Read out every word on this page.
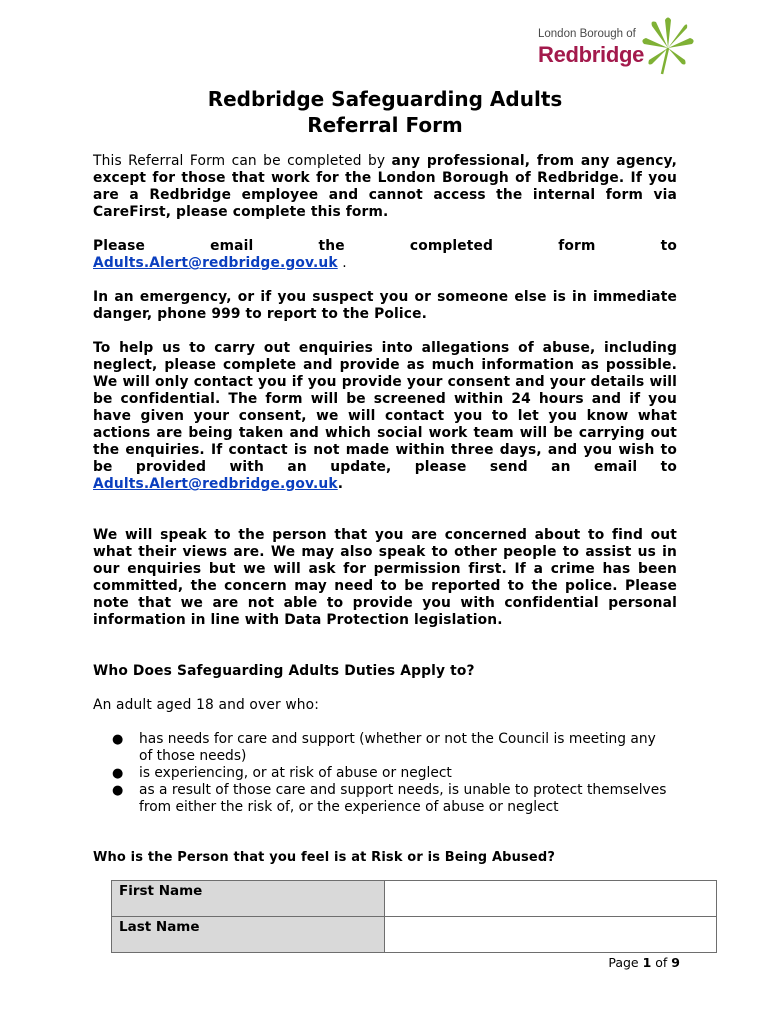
London Borough of
Redbridge
Redbridge Safeguarding Adults
Referral Form
This Referral Form can be completed by any professional, from any agency, except for those that work for the London Borough of Redbridge. If you are a Redbridge employee and cannot access the internal form via CareFirst, please complete this form.

Please email the completed form to

Adults.Alert@redbridge.gov.uk .

In an emergency, or if you suspect you or someone else is in immediate danger, phone 999 to report to the Police.

To help us to carry out enquiries into allegations of abuse, including neglect, please complete and provide as much information as possible. We will only contact you if you provide your consent and your details will be confidential. The form will be screened within 24 hours and if you have given your consent, we will contact you to let you know what actions are being taken and which social work team will be carrying out the enquiries. If contact is not made within three days, and you wish to be provided with an update, please send an email to

Adults.Alert@redbridge.gov.uk.

We will speak to the person that you are concerned about to find out what their views are. We may also speak to other people to assist us in our enquiries but we will ask for permission first. If a crime has been committed, the concern may need to be reported to the police. Please note that we are not able to provide you with confidential personal information in line with Data Protection legislation.
Who Does Safeguarding Adults Duties Apply to?
An adult aged 18 and over who:
● has needs for care and support (whether or not the Council is meeting any of those needs)
● is experiencing, or at risk of abuse or neglect
● as a result of those care and support needs, is unable to protect themselves from either the risk of, or the experience of abuse or neglect
Who is the Person that you feel is at Risk or is Being Abused?
First Name	
Last Name	
Page 1 of 9
